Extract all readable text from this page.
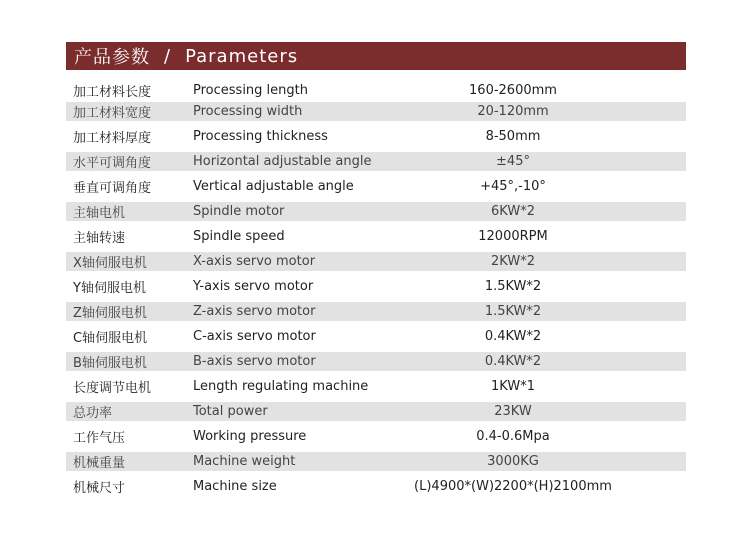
产品参数 / Parameters
加工材料长度	Processing length	160-2600mm
加工材料宽度	Processing width	20-120mm
加工材料厚度	Processing thickness	8-50mm
水平可调角度	Horizontal adjustable angle	±45°
垂直可调角度	Vertical adjustable angle	+45°,-10°
主轴电机	Spindle motor	6KW*2
主轴转速	Spindle speed	12000RPM
X轴伺服电机	X-axis servo motor	2KW*2
Y轴伺服电机	Y-axis servo motor	1.5KW*2
Z轴伺服电机	Z-axis servo motor	1.5KW*2
C轴伺服电机	C-axis servo motor	0.4KW*2
B轴伺服电机	B-axis servo motor	0.4KW*2
长度调节电机	Length regulating machine	1KW*1
总功率	Total power	23KW
工作气压	Working pressure	0.4-0.6Mpa
机械重量	Machine weight	3000KG
机械尺寸	Machine size	(L)4900*(W)2200*(H)2100mm
